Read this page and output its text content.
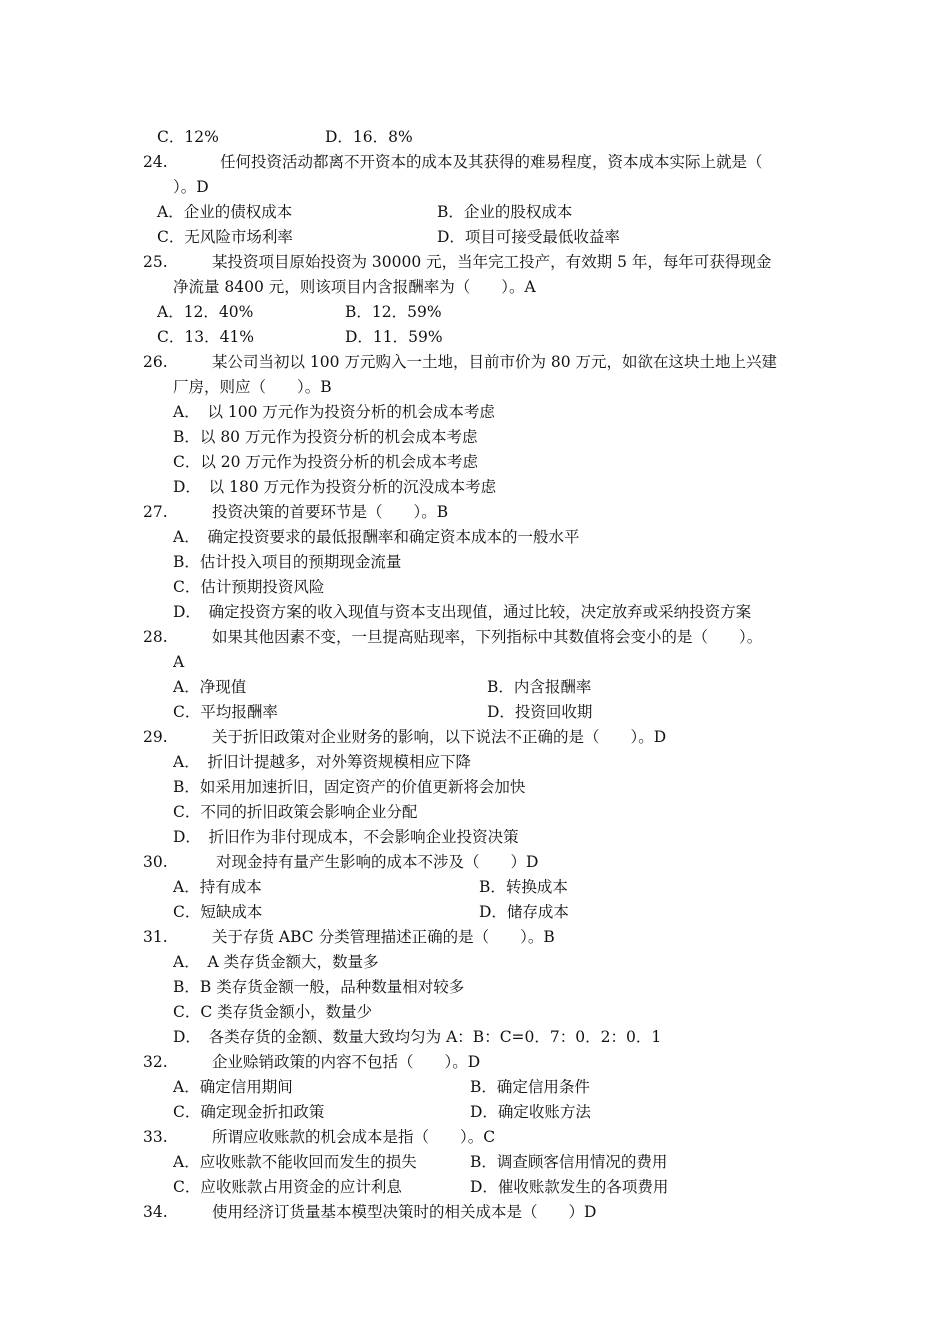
C．12%	D．16．8%
24.	任何投资活动都离不开资本的成本及其获得的难易程度，资本成本实际上就是（
）。D
A．企业的债权成本	B．企业的股权成本
C．无风险市场利率	D．项目可接受最低收益率
25.	某投资项目原始投资为 30000 元，当年完工投产，有效期 5 年，每年可获得现金
净流量 8400 元，则该项目内含报酬率为（　　）。A
A．12．40%	B．12．59%
C．13．41%	D．11．59%
26.	某公司当初以 100 万元购入一土地，目前市价为 80 万元，如欲在这块土地上兴建
厂房，则应（　　）。B
A．　以 100 万元作为投资分析的机会成本考虑
B．以 80 万元作为投资分析的机会成本考虑
C．以 20 万元作为投资分析的机会成本考虑
D．　以 180 万元作为投资分析的沉没成本考虑
27.	投资决策的首要环节是（　　）。B
A．　确定投资要求的最低报酬率和确定资本成本的一般水平
B．估计投入项目的预期现金流量
C．估计预期投资风险
D．　确定投资方案的收入现值与资本支出现值，通过比较，决定放弃或采纳投资方案
28.	如果其他因素不变，一旦提高贴现率，下列指标中其数值将会变小的是（　　）。
A
A．净现值	B．内含报酬率
C．平均报酬率	D．投资回收期
29.	关于折旧政策对企业财务的影响，以下说法不正确的是（　　）。D
A．　折旧计提越多，对外筹资规模相应下降
B．如采用加速折旧，固定资产的价值更新将会加快
C．不同的折旧政策会影响企业分配
D．　折旧作为非付现成本，不会影响企业投资决策
30.	对现金持有量产生影响的成本不涉及（　　）D
A．持有成本	B．转换成本
C．短缺成本	D．储存成本
31.	关于存货 ABC 分类管理描述正确的是（　　）。B
A．　A 类存货金额大，数量多
B．B 类存货金额一般，品种数量相对较多
C．C 类存货金额小，数量少
D．　各类存货的金额、数量大致均匀为 A：B：C=0．7：0．2：0．1
32.	企业赊销政策的内容不包括（　　）。D
A．确定信用期间	B．确定信用条件
C．确定现金折扣政策	D．确定收账方法
33.	所谓应收账款的机会成本是指（　　）。C
A．应收账款不能收回而发生的损失	B．调查顾客信用情况的费用
C．应收账款占用资金的应计利息	D．催收账款发生的各项费用
34.	使用经济订货量基本模型决策时的相关成本是（　　）D
